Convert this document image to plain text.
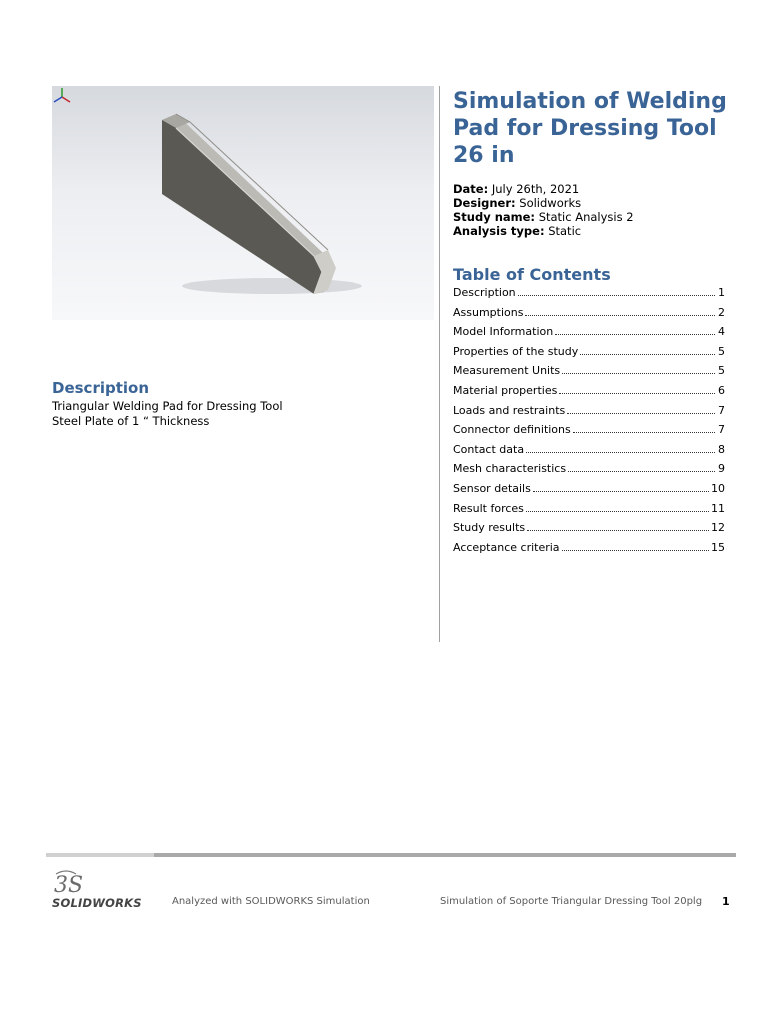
Simulation of Welding
Pad for Dressing Tool
26 in
Date: July 26th, 2021
Designer: Solidworks
Study name: Static Analysis 2
Analysis type: Static
Table of Contents
Description	1
Assumptions	2
Model Information	4
Properties of the study	5
Measurement Units	5
Material properties	6
Loads and restraints	7
Connector definitions	7
Contact data	8
Mesh characteristics	9
Sensor details	10
Result forces	11
Study results	12
Acceptance criteria	15
Description
Triangular Welding Pad for Dressing Tool
Steel Plate of 1 “ Thickness
3S
SOLIDWORKS	Analyzed with SOLIDWORKS Simulation	Simulation of Soporte Triangular Dressing Tool 20plg 1
